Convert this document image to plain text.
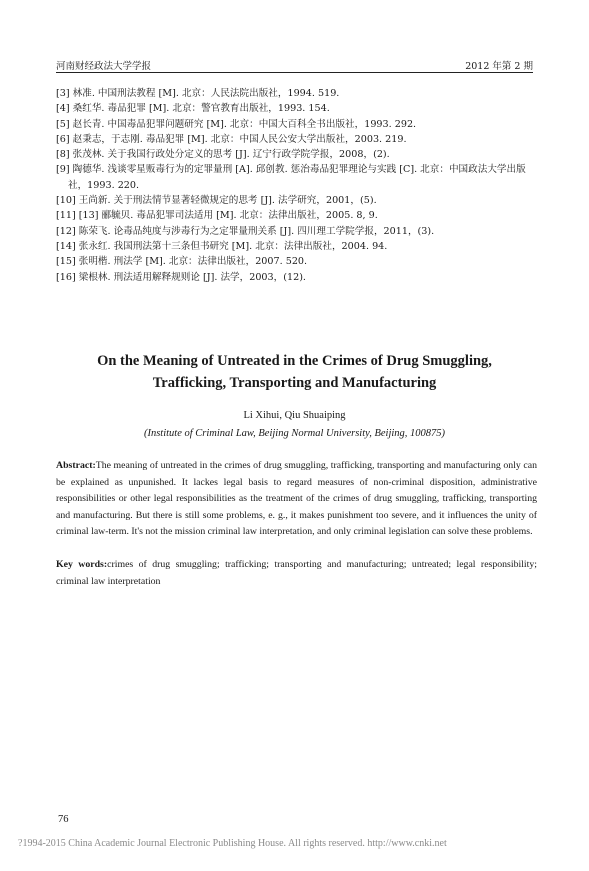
河南财经政法大学学报	2012 年第 2 期
[3] 林准. 中国刑法教程 [M]. 北京：人民法院出版社，1994. 519.
[4] 桑红华. 毒品犯罪 [M]. 北京：警官教育出版社，1993. 154.
[5] 赵长青. 中国毒品犯罪问题研究 [M]. 北京：中国大百科全书出版社，1993. 292.
[6] 赵秉志，于志刚. 毒品犯罪 [M]. 北京：中国人民公安大学出版社，2003. 219.
[8] 张茂林. 关于我国行政处分定义的思考 [J]. 辽宁行政学院学报，2008，(2).
[9] 陶德华. 浅谈零星贩毒行为的定罪量刑 [A]. 邱创教. 惩治毒品犯罪理论与实践 [C]. 北京：中国政法大学出版社，1993. 220.
[10] 王尚新. 关于刑法情节显著轻微规定的思考 [J]. 法学研究，2001，(5).
[11] [13] 郦毓贝. 毒品犯罪司法适用 [M]. 北京：法律出版社，2005. 8, 9.
[12] 陈荣飞. 论毒品纯度与涉毒行为之定罪量刑关系 [J]. 四川理工学院学报，2011，(3).
[14] 张永红. 我国刑法第十三条但书研究 [M]. 北京：法律出版社，2004. 94.
[15] 张明楷. 刑法学 [M]. 北京：法律出版社，2007. 520.
[16] 梁根林. 刑法适用解释规则论 [J]. 法学，2003，(12).
On the Meaning of Untreated in the Crimes of Drug Smuggling,
Trafficking, Transporting and Manufacturing
Li Xihui, Qiu Shuaiping
(Institute of Criminal Law, Beijing Normal University, Beijing, 100875)
Abstract:The meaning of untreated in the crimes of drug smuggling, trafficking, transporting and manufacturing only can be explained as unpunished. It lackes legal basis to regard measures of non-criminal disposition, administrative responsibilities or other legal responsibilities as the treatment of the crimes of drug smuggling, trafficking, transporting and manufacturing. But there is still some problems, e. g., it makes punishment too severe, and it influences the unity of criminal law-term. It's not the mission criminal law interpretation, and only criminal legislation can solve these problems.
Key words:crimes of drug smuggling; trafficking; transporting and manufacturing; untreated; legal responsibility; criminal law interpretation
76
?1994-2015 China Academic Journal Electronic Publishing House. All rights reserved. http://www.cnki.net
